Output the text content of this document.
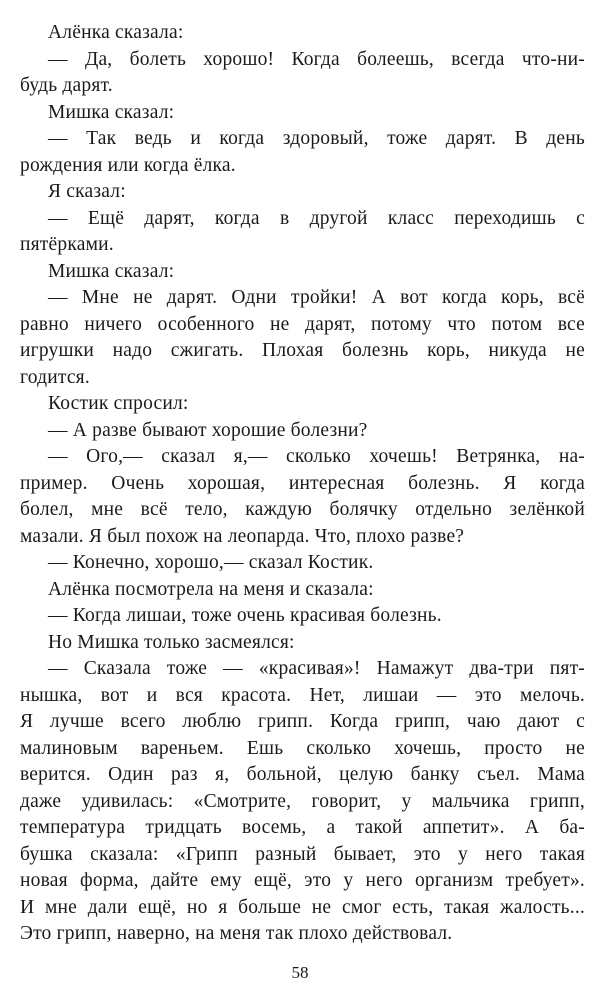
Алёнка сказала:
— Да, болеть хорошо! Когда болеешь, всегда что-ни-
будь дарят.
Мишка сказал:
— Так ведь и когда здоровый, тоже дарят. В день
рождения или когда ёлка.
Я сказал:
— Ещё дарят, когда в другой класс переходишь с
пятёрками.
Мишка сказал:
— Мне не дарят. Одни тройки! А вот когда корь, всё
равно ничего особенного не дарят, потому что потом все
игрушки надо сжигать. Плохая болезнь корь, никуда не
годится.
Костик спросил:
— А разве бывают хорошие болезни?
— Ого,— сказал я,— сколько хочешь! Ветрянка, на-
пример. Очень хорошая, интересная болезнь. Я когда
болел, мне всё тело, каждую болячку отдельно зелёнкой
мазали. Я был похож на леопарда. Что, плохо разве?
— Конечно, хорошо,— сказал Костик.
Алёнка посмотрела на меня и сказала:
— Когда лишаи, тоже очень красивая болезнь.
Но Мишка только засмеялся:
— Сказала тоже — «красивая»! Намажут два-три пят-
нышка, вот и вся красота. Нет, лишаи — это мелочь.
Я лучше всего люблю грипп. Когда грипп, чаю дают с
малиновым вареньем. Ешь сколько хочешь, просто не
верится. Один раз я, больной, целую банку съел. Мама
даже удивилась: «Смотрите, говорит, у мальчика грипп,
температура тридцать восемь, а такой аппетит». А ба-
бушка сказала: «Грипп разный бывает, это у него такая
новая форма, дайте ему ещё, это у него организм требует».
И мне дали ещё, но я больше не смог есть, такая жалость...
Это грипп, наверно, на меня так плохо действовал.
58
